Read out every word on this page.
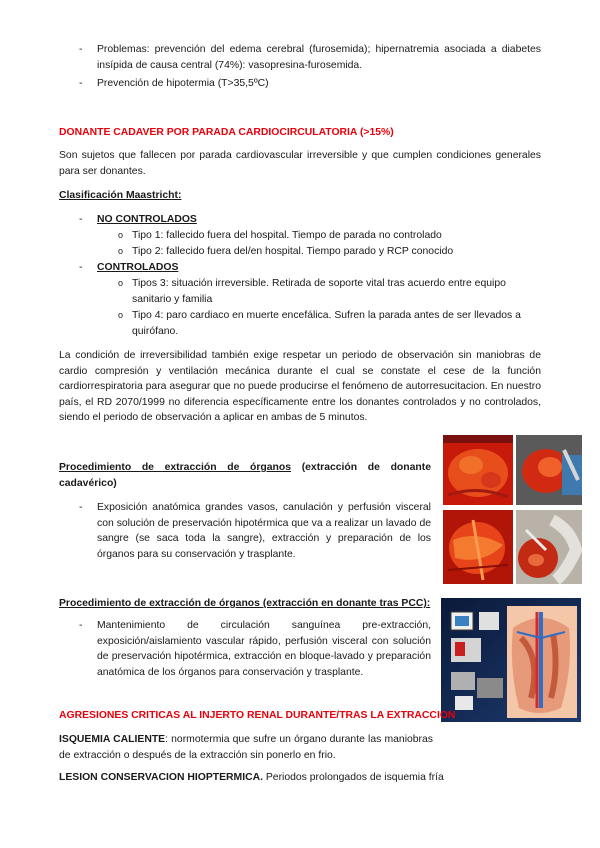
- Problemas: prevención del edema cerebral (furosemida); hipernatremia asociada a diabetes insípida de causa central (74%): vasopresina-furosemida.
- Prevención de hipotermia (T>35,5ºC)
DONANTE CADAVER POR PARADA CARDIOCIRCULATORIA (>15%)
Son sujetos que fallecen por parada cardiovascular irreversible y que cumplen condiciones generales para ser donantes.
Clasificación Maastricht:
- NO CONTROLADOS
o Tipo 1: fallecido fuera del hospital. Tiempo de parada no controlado
o Tipo 2: fallecido fuera del/en hospital. Tiempo parado y RCP conocido
- CONTROLADOS
o Tipos 3: situación irreversible. Retirada de soporte vital tras acuerdo entre equipo sanitario y familia
o Tipo 4: paro cardiaco en muerte encefálica. Sufren la parada antes de ser llevados a quirófano.
La condición de irreversibilidad también exige respetar un periodo de observación sin maniobras de cardio compresión y ventilación mecánica durante el cual se constate el cese de la función cardiorrespiratoria para asegurar que no puede producirse el fenómeno de autorresucitacion. En nuestro país, el RD 2070/1999 no diferencia específicamente entre los donantes controlados y no controlados, siendo el periodo de observación a aplicar en ambas de 5 minutos.
Procedimiento de extracción de órganos (extracción de donante cadavérico)
- Exposición anatómica grandes vasos, canulación y perfusión visceral con solución de preservación hipotérmica que va a realizar un lavado de sangre (se saca toda la sangre), extracción y preparación de los órganos para su conservación y trasplante.
Procedimiento de extracción de órganos (extracción en donante tras PCC):
- Mantenimiento de circulación sanguínea pre-extracción, exposición/aislamiento vascular rápido, perfusión visceral con solución de preservación hipotérmica, extracción en bloque-lavado y preparación anatómica de los órganos para conservación y trasplante.
AGRESIONES CRITICAS AL INJERTO RENAL DURANTE/TRAS LA EXTRACCION
ISQUEMIA CALIENTE: normotermia que sufre un órgano durante las maniobras de extracción o después de la extracción sin ponerlo en frio.
LESION CONSERVACION HIOPTERMICA. Periodos prolongados de isquemia fría
